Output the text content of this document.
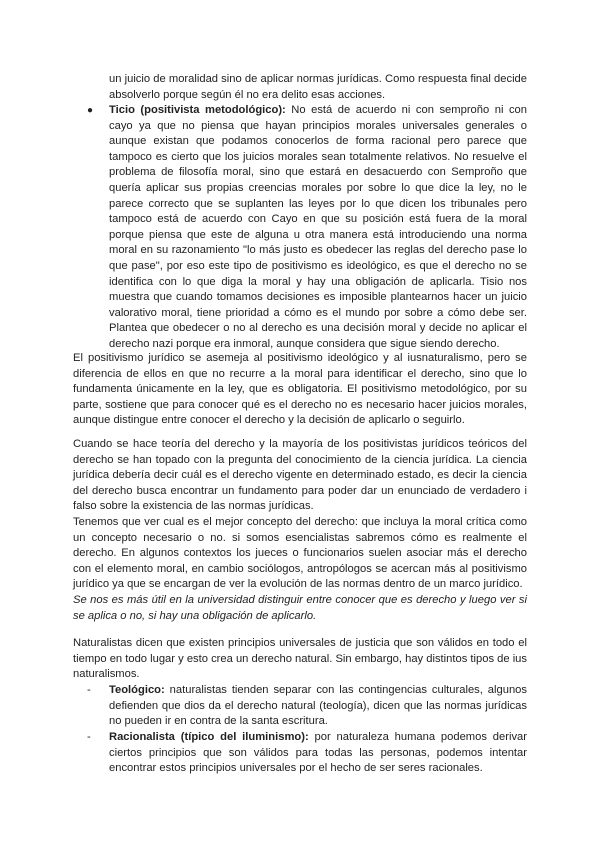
un juicio de moralidad sino de aplicar normas jurídicas. Como respuesta final decide absolverlo porque según él no era delito esas acciones.

●	Ticio (positivista metodológico): No está de acuerdo ni con semproño ni con cayo ya que no piensa que hayan principios morales universales generales o aunque existan que podamos conocerlos de forma racional pero parece que tampoco es cierto que los juicios morales sean totalmente relativos. No resuelve el problema de filosofía moral, sino que estará en desacuerdo con Semproño que quería aplicar sus propias creencias morales por sobre lo que dice la ley, no le parece correcto que se suplanten las leyes por lo que dicen los tribunales pero tampoco está de acuerdo con Cayo en que su posición está fuera de la moral porque piensa que este de alguna u otra manera está introduciendo una norma moral en su razonamiento "lo más justo es obedecer las reglas del derecho pase lo que pase", por eso este tipo de positivismo es ideológico, es que el derecho no se identifica con lo que diga la moral y hay una obligación de aplicarla. Tisio nos muestra que cuando tomamos decisiones es imposible plantearnos hacer un juicio valorativo moral, tiene prioridad a cómo es el mundo por sobre a cómo debe ser. Plantea que obedecer o no al derecho es una decisión moral y decide no aplicar el derecho nazi porque era inmoral, aunque considera que sigue siendo derecho.

El positivismo jurídico se asemeja al positivismo ideológico y al iusnaturalismo, pero se diferencia de ellos en que no recurre a la moral para identificar el derecho, sino que lo fundamenta únicamente en la ley, que es obligatoria. El positivismo metodológico, por su parte, sostiene que para conocer qué es el derecho no es necesario hacer juicios morales, aunque distingue entre conocer el derecho y la decisión de aplicarlo o seguirlo.

Cuando se hace teoría del derecho y la mayoría de los positivistas jurídicos teóricos del derecho se han topado con la pregunta del conocimiento de la ciencia jurídica. La ciencia jurídica debería decir cuál es el derecho vigente en determinado estado, es decir la ciencia del derecho busca encontrar un fundamento para poder dar un enunciado de verdadero i falso sobre la existencia de las normas jurídicas.

Tenemos que ver cual es el mejor concepto del derecho: que incluya la moral crítica como un concepto necesario o no. si somos esencialistas sabremos cómo es realmente el derecho. En algunos contextos los jueces o funcionarios suelen asociar más el derecho con el elemento moral, en cambio sociólogos, antropólogos se acercan más al positivismo jurídico ya que se encargan de ver la evolución de las normas dentro de un marco jurídico.

Se nos es más útil en la universidad distinguir entre conocer que es derecho y luego ver si se aplica o no, si hay una obligación de aplicarlo.

Naturalistas dicen que existen principios universales de justicia que son válidos en todo el tiempo en todo lugar y esto crea un derecho natural. Sin embargo, hay distintos tipos de ius naturalismos.

-	Teológico: naturalistas tienden separar con las contingencias culturales, algunos defienden que dios da el derecho natural (teología), dicen que las normas jurídicas no pueden ir en contra de la santa escritura.

-	Racionalista (típico del iluminismo): por naturaleza humana podemos derivar ciertos principios que son válidos para todas las personas, podemos intentar encontrar estos principios universales por el hecho de ser seres racionales.
